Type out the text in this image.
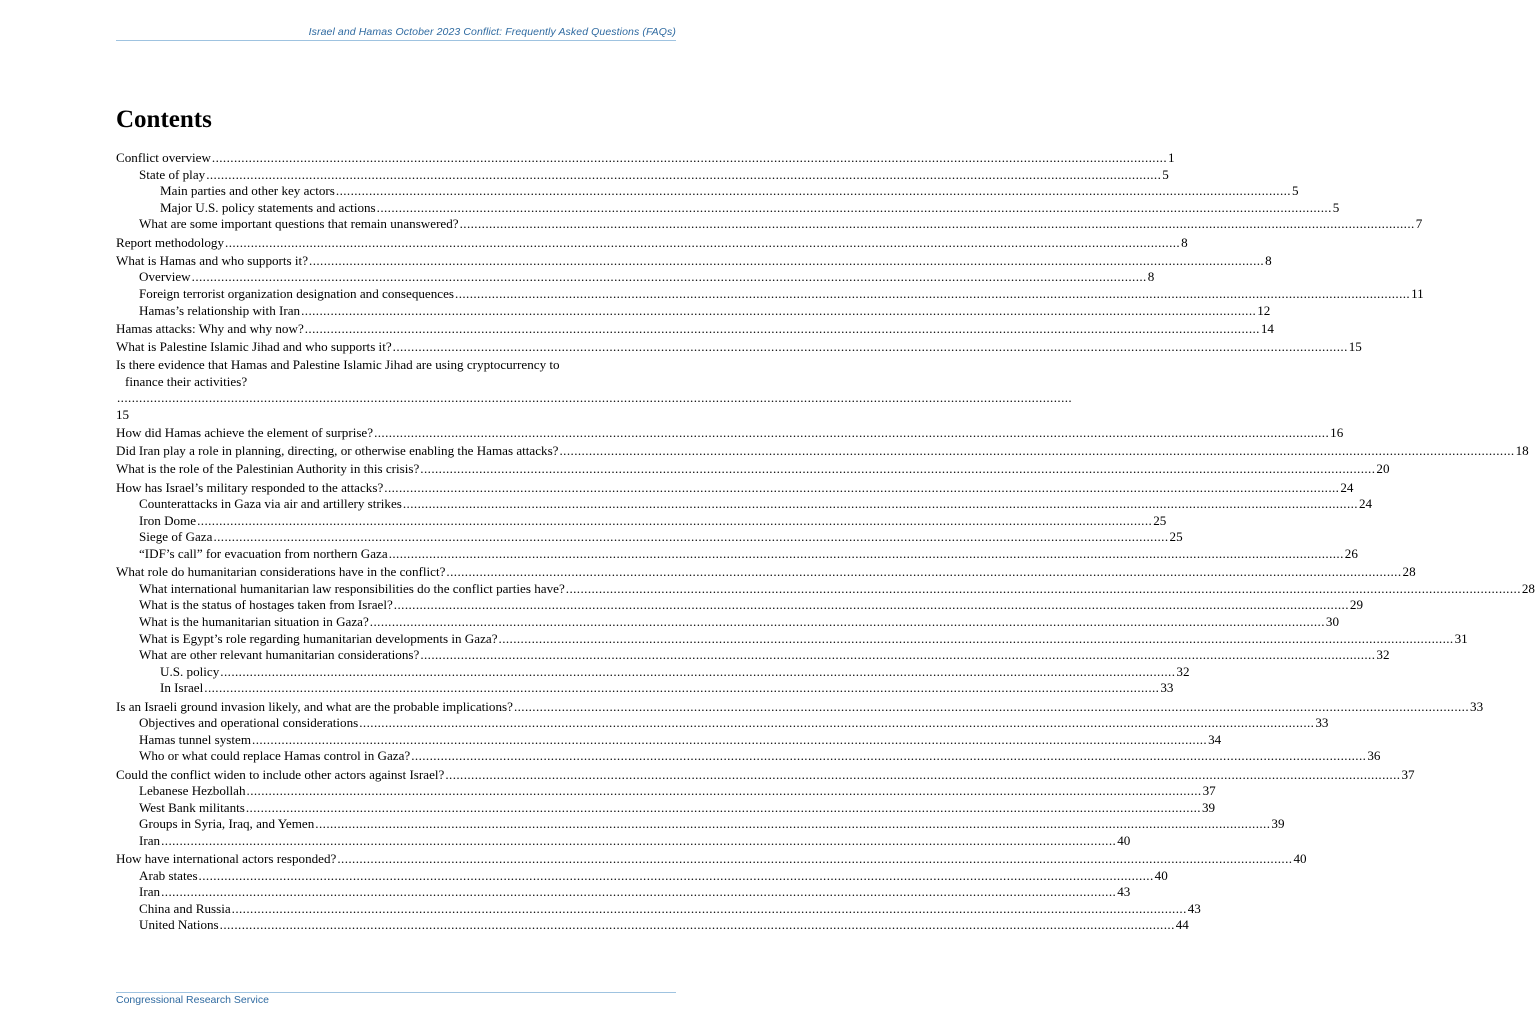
Israel and Hamas October 2023 Conflict: Frequently Asked Questions (FAQs)
Contents
Conflict overview .................................................................................................................................................................................................................................................................... 1
State of play .................................................................................................................................................................................................................................................................... 5
Main parties and other key actors .................................................................................................................................................................................................................................................................... 5
Major U.S. policy statements and actions .................................................................................................................................................................................................................................................................... 5
What are some important questions that remain unanswered? .................................................................................................................................................................................................................................................................... 7
Report methodology .................................................................................................................................................................................................................................................................... 8
What is Hamas and who supports it? .................................................................................................................................................................................................................................................................... 8
Overview .................................................................................................................................................................................................................................................................... 8
Foreign terrorist organization designation and consequences .................................................................................................................................................................................................................................................................... 11
Hamas’s relationship with Iran .................................................................................................................................................................................................................................................................... 12
Hamas attacks: Why and why now? .................................................................................................................................................................................................................................................................... 14
What is Palestine Islamic Jihad and who supports it? .................................................................................................................................................................................................................................................................... 15
Is there evidence that Hamas and Palestine Islamic Jihad are using cryptocurrency to
finance their activities?
....................................................................................................................................................................................................................................................................
15
How did Hamas achieve the element of surprise? .................................................................................................................................................................................................................................................................... 16
Did Iran play a role in planning, directing, or otherwise enabling the Hamas attacks? .................................................................................................................................................................................................................................................................... 18
What is the role of the Palestinian Authority in this crisis? .................................................................................................................................................................................................................................................................... 20
How has Israel’s military responded to the attacks? .................................................................................................................................................................................................................................................................... 24
Counterattacks in Gaza via air and artillery strikes .................................................................................................................................................................................................................................................................... 24
Iron Dome .................................................................................................................................................................................................................................................................... 25
Siege of Gaza .................................................................................................................................................................................................................................................................... 25
“IDF’s call” for evacuation from northern Gaza .................................................................................................................................................................................................................................................................... 26
What role do humanitarian considerations have in the conflict? .................................................................................................................................................................................................................................................................... 28
What international humanitarian law responsibilities do the conflict parties have? .................................................................................................................................................................................................................................................................... 28
What is the status of hostages taken from Israel? .................................................................................................................................................................................................................................................................... 29
What is the humanitarian situation in Gaza? .................................................................................................................................................................................................................................................................... 30
What is Egypt’s role regarding humanitarian developments in Gaza? .................................................................................................................................................................................................................................................................... 31
What are other relevant humanitarian considerations? .................................................................................................................................................................................................................................................................... 32
U.S. policy .................................................................................................................................................................................................................................................................... 32
In Israel .................................................................................................................................................................................................................................................................... 33
Is an Israeli ground invasion likely, and what are the probable implications? .................................................................................................................................................................................................................................................................... 33
Objectives and operational considerations .................................................................................................................................................................................................................................................................... 33
Hamas tunnel system .................................................................................................................................................................................................................................................................... 34
Who or what could replace Hamas control in Gaza? .................................................................................................................................................................................................................................................................... 36
Could the conflict widen to include other actors against Israel? .................................................................................................................................................................................................................................................................... 37
Lebanese Hezbollah .................................................................................................................................................................................................................................................................... 37
West Bank militants .................................................................................................................................................................................................................................................................... 39
Groups in Syria, Iraq, and Yemen .................................................................................................................................................................................................................................................................... 39
Iran .................................................................................................................................................................................................................................................................... 40
How have international actors responded? .................................................................................................................................................................................................................................................................... 40
Arab states .................................................................................................................................................................................................................................................................... 40
Iran .................................................................................................................................................................................................................................................................... 43
China and Russia .................................................................................................................................................................................................................................................................... 43
United Nations .................................................................................................................................................................................................................................................................... 44
Congressional Research Service
